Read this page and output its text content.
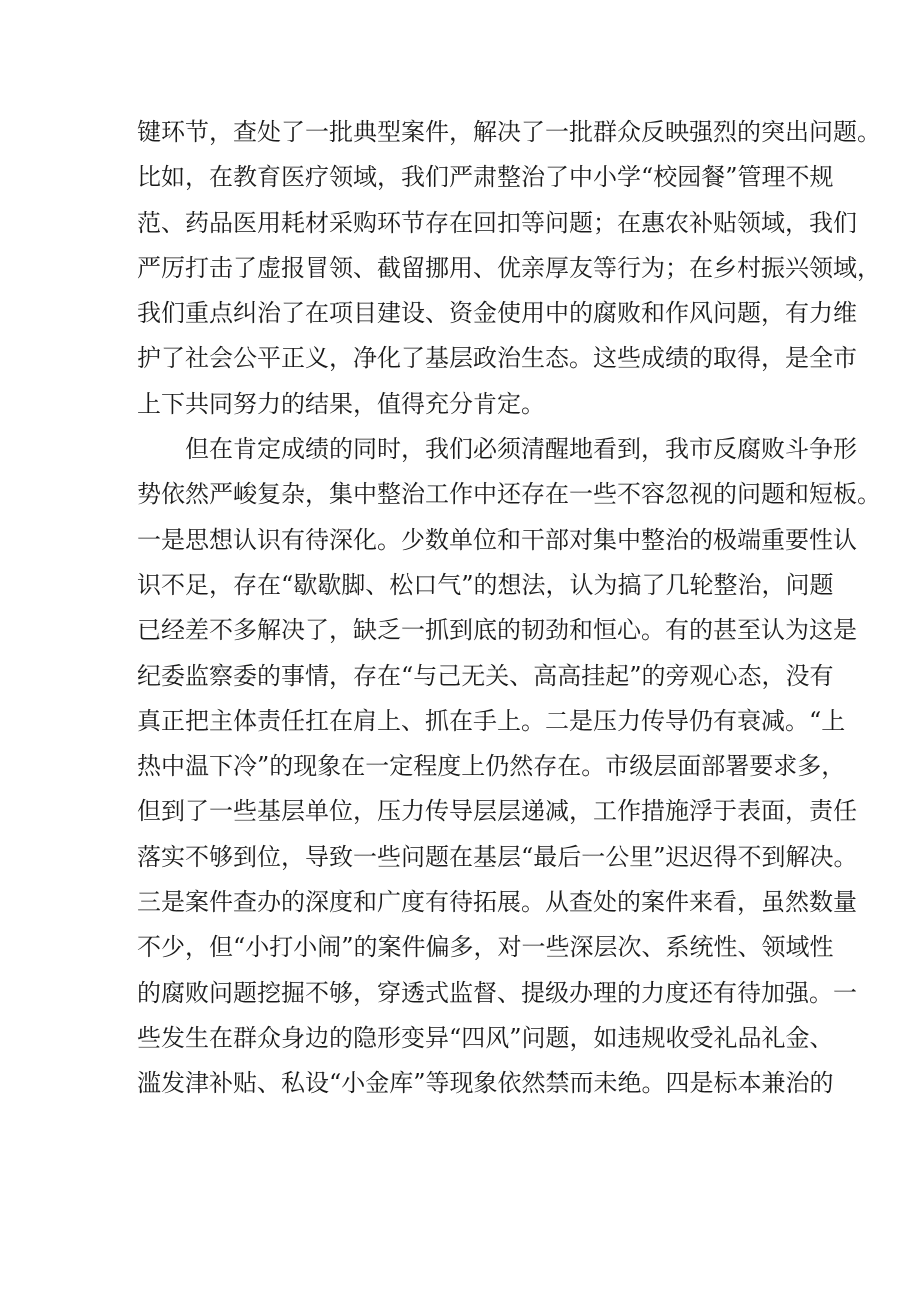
键环节，查处了一批典型案件，解决了一批群众反映强烈的突出问题。
比如，在教育医疗领域，我们严肃整治了中小学“校园餐”管理不规
范、药品医用耗材采购环节存在回扣等问题；在惠农补贴领域，我们
严厉打击了虚报冒领、截留挪用、优亲厚友等行为；在乡村振兴领域，
我们重点纠治了在项目建设、资金使用中的腐败和作风问题，有力维
护了社会公平正义，净化了基层政治生态。这些成绩的取得，是全市
上下共同努力的结果，值得充分肯定。
但在肯定成绩的同时，我们必须清醒地看到，我市反腐败斗争形
势依然严峻复杂，集中整治工作中还存在一些不容忽视的问题和短板。
一是思想认识有待深化。少数单位和干部对集中整治的极端重要性认
识不足，存在“歇歇脚、松口气”的想法，认为搞了几轮整治，问题
已经差不多解决了，缺乏一抓到底的韧劲和恒心。有的甚至认为这是
纪委监察委的事情，存在“与己无关、高高挂起”的旁观心态，没有
真正把主体责任扛在肩上、抓在手上。二是压力传导仍有衰减。“上
热中温下冷”的现象在一定程度上仍然存在。市级层面部署要求多，
但到了一些基层单位，压力传导层层递减，工作措施浮于表面，责任
落实不够到位，导致一些问题在基层“最后一公里”迟迟得不到解决。
三是案件查办的深度和广度有待拓展。从查处的案件来看，虽然数量
不少，但“小打小闹”的案件偏多，对一些深层次、系统性、领域性
的腐败问题挖掘不够，穿透式监督、提级办理的力度还有待加强。一
些发生在群众身边的隐形变异“四风”问题，如违规收受礼品礼金、
滥发津补贴、私设“小金库”等现象依然禁而未绝。四是标本兼治的
